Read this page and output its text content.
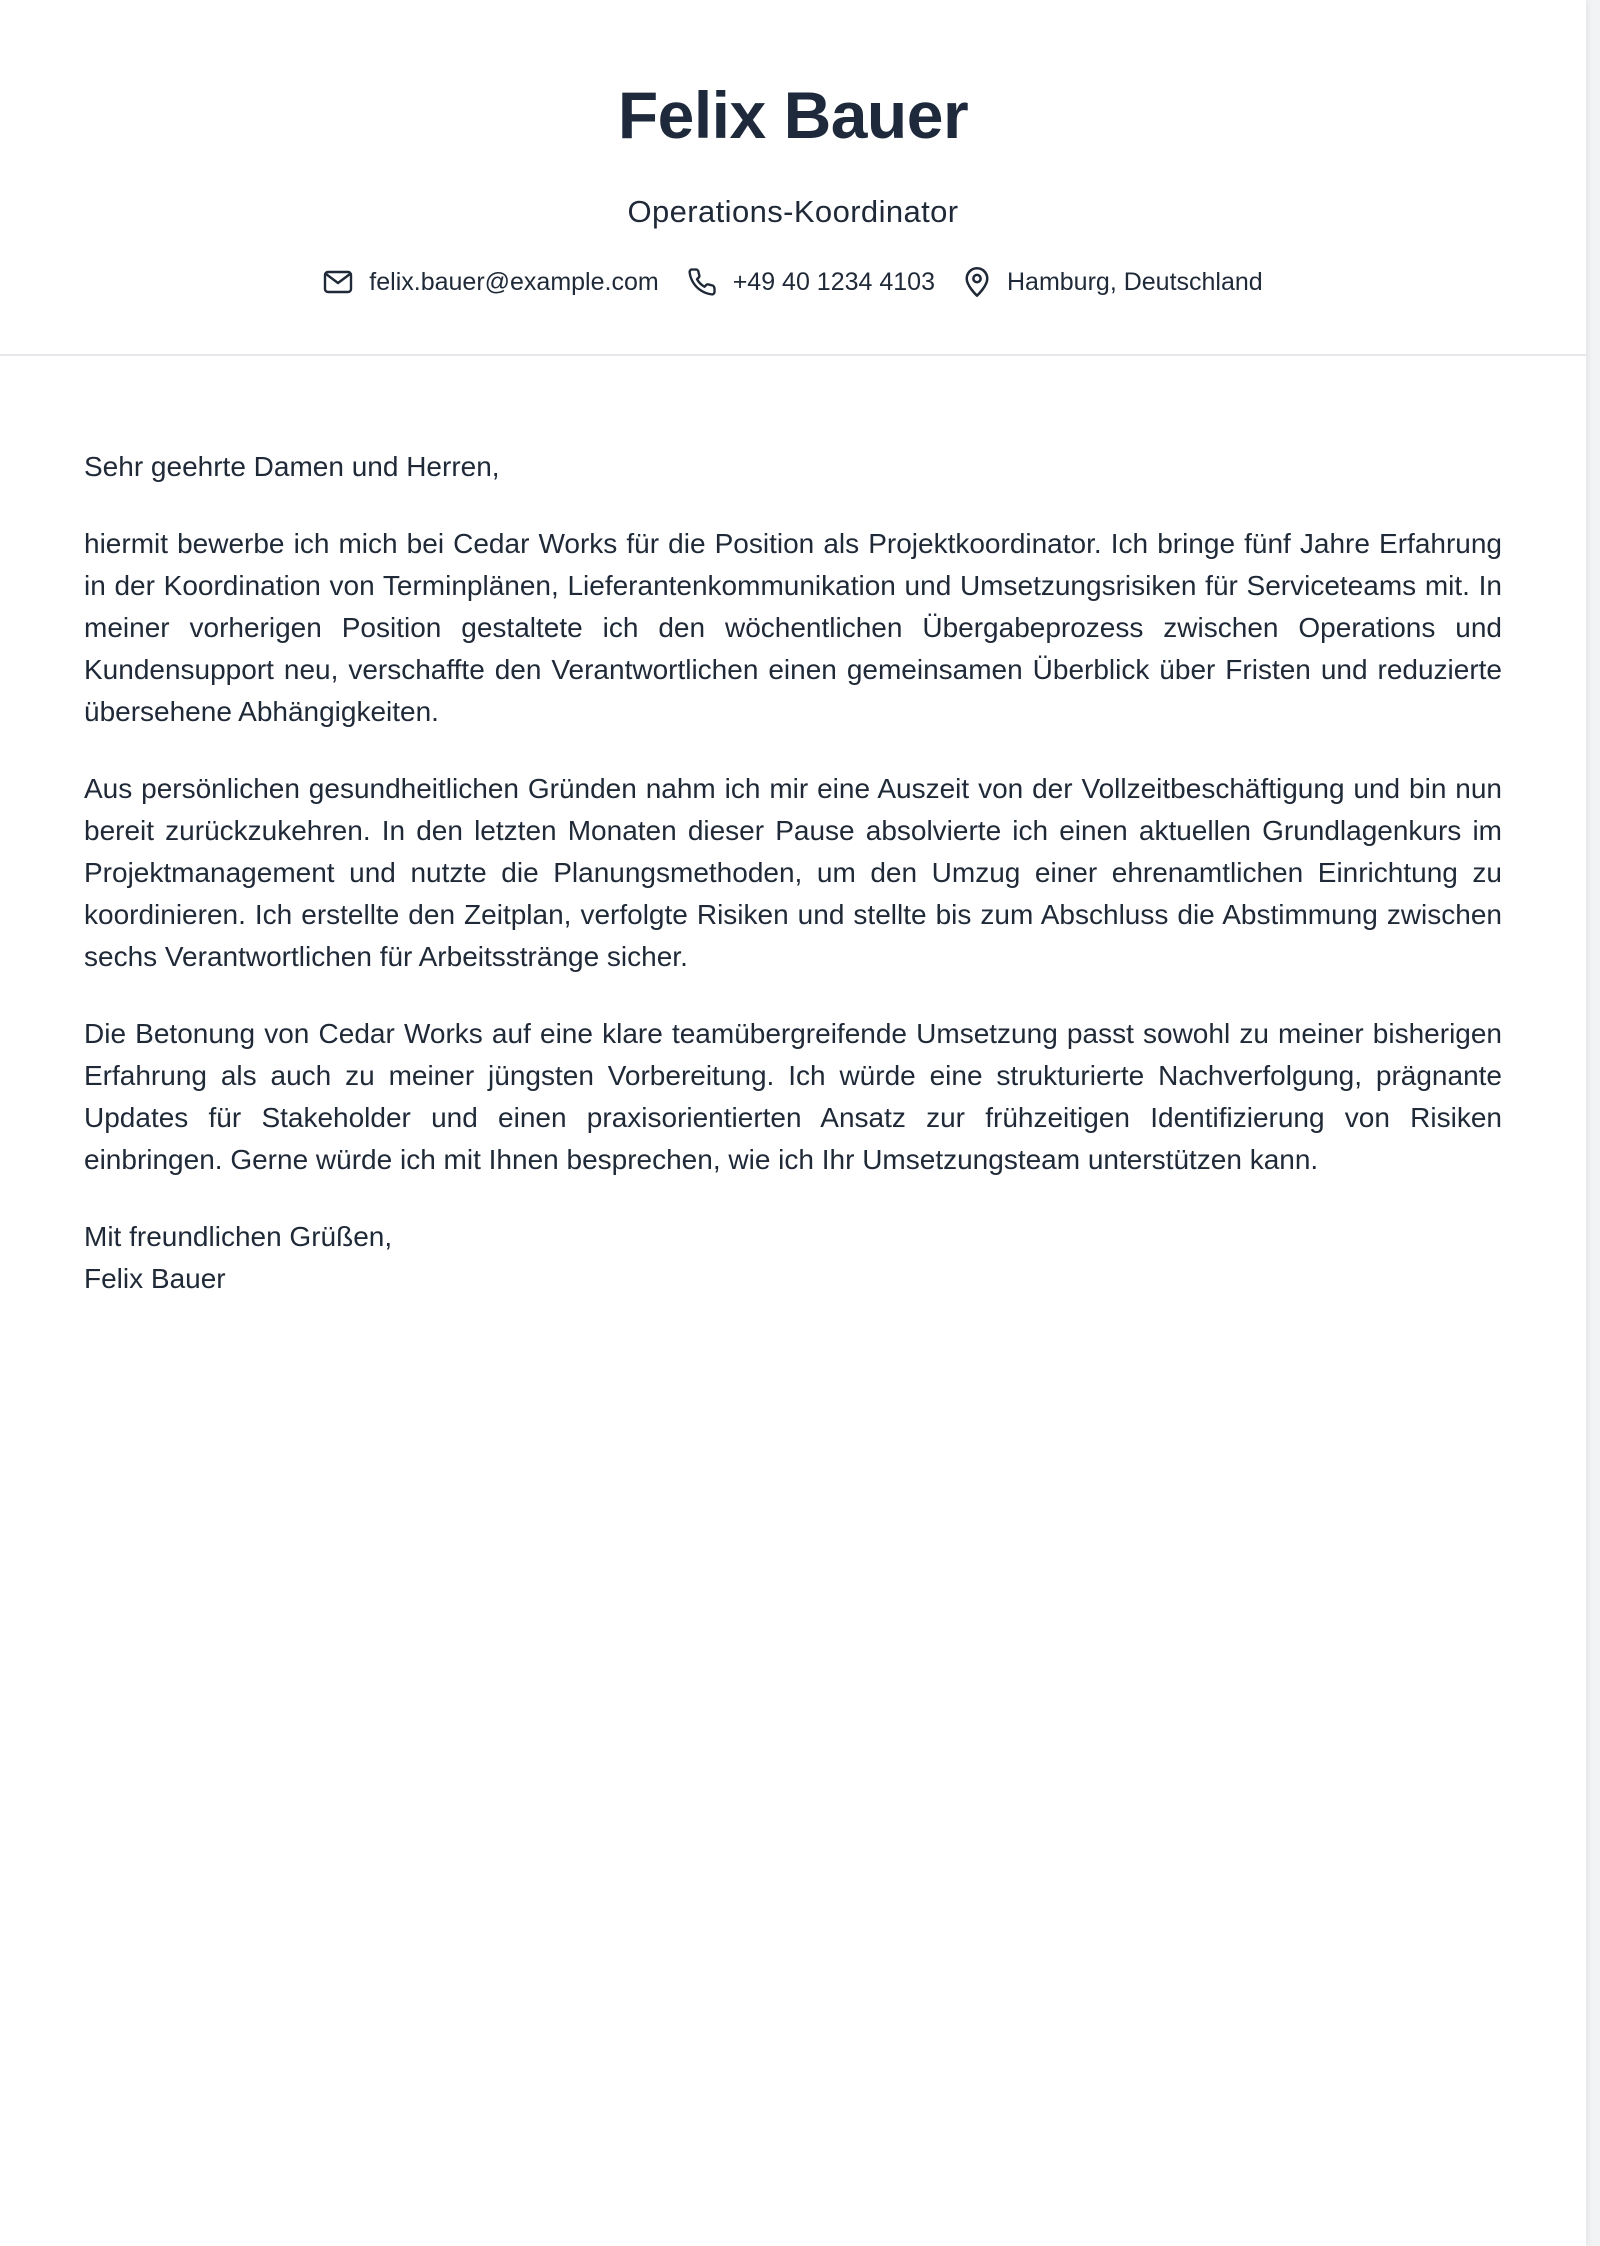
Felix Bauer
Operations-Koordinator
felix.bauer@example.com	+49 40 1234 4103	Hamburg, Deutschland

Sehr geehrte Damen und Herren,

hiermit bewerbe ich mich bei Cedar Works für die Position als Projektkoordinator. Ich bringe fünf Jahre Erfahrung in der Koordination von Terminplänen, Lieferantenkommunikation und Umsetzungsrisiken für Serviceteams mit. In meiner vorherigen Position gestaltete ich den wöchentlichen Übergabeprozess zwischen Operations und Kundensupport neu, verschaffte den Verantwortlichen einen gemeinsamen Überblick über Fristen und reduzierte übersehene Abhängigkeiten.

Aus persönlichen gesundheitlichen Gründen nahm ich mir eine Auszeit von der Vollzeitbeschäftigung und bin nun bereit zurückzukehren. In den letzten Monaten dieser Pause absolvierte ich einen aktuellen Grundlagenkurs im Projektmanagement und nutzte die Planungsmethoden, um den Umzug einer ehrenamtlichen Einrichtung zu koordinieren. Ich erstellte den Zeitplan, verfolgte Risiken und stellte bis zum Abschluss die Abstimmung zwischen sechs Verantwortlichen für Arbeitsstränge sicher.

Die Betonung von Cedar Works auf eine klare teamübergreifende Umsetzung passt sowohl zu meiner bisherigen Erfahrung als auch zu meiner jüngsten Vorbereitung. Ich würde eine strukturierte Nachverfolgung, prägnante Updates für Stakeholder und einen praxisorientierten Ansatz zur frühzeitigen Identifizierung von Risiken einbringen. Gerne würde ich mit Ihnen besprechen, wie ich Ihr Umsetzungsteam unterstützen kann.

Mit freundlichen Grüßen,
Felix Bauer
